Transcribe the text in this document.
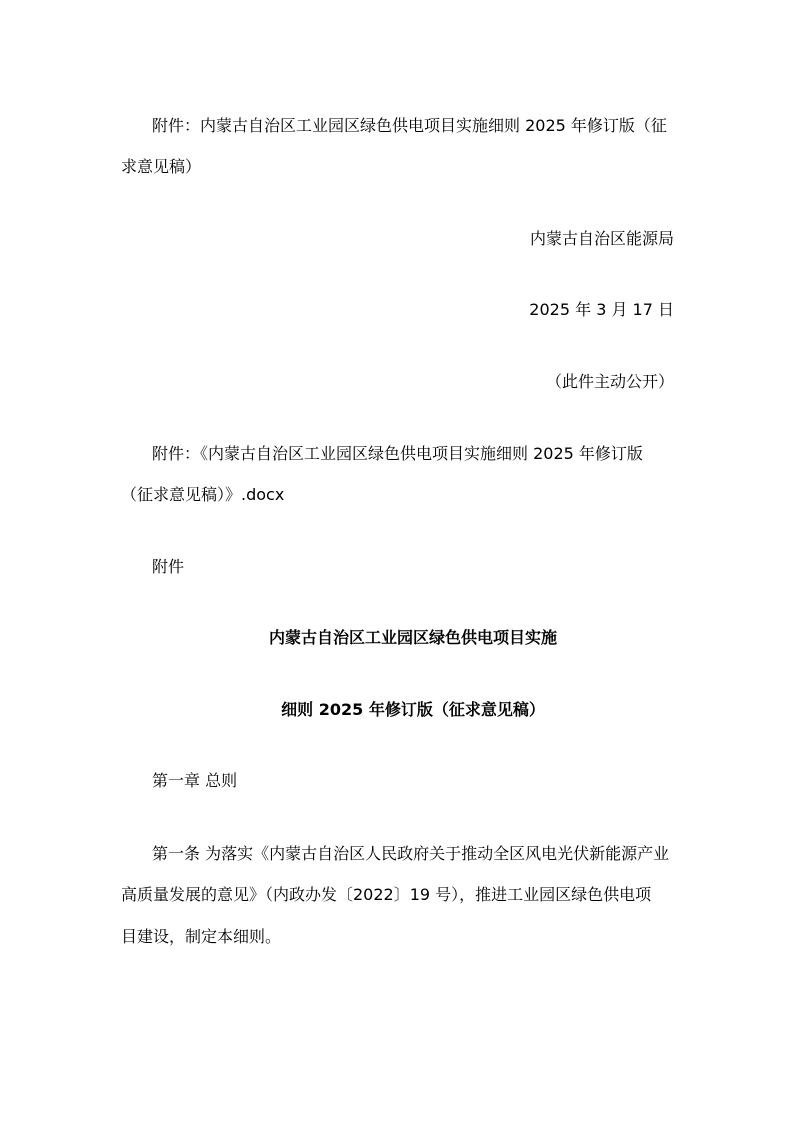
附件：内蒙古自治区工业园区绿色供电项目实施细则 2025 年修订版（征
求意见稿）
内蒙古自治区能源局
2025 年 3 月 17 日
（此件主动公开）
附件：《内蒙古自治区工业园区绿色供电项目实施细则 2025 年修订版
（征求意见稿）》.docx
附件
内蒙古自治区工业园区绿色供电项目实施
细则 2025 年修订版（征求意见稿）
第一章 总则
第一条 为落实《内蒙古自治区人民政府关于推动全区风电光伏新能源产业
高质量发展的意见》（内政办发〔2022〕19 号），推进工业园区绿色供电项
目建设，制定本细则。
